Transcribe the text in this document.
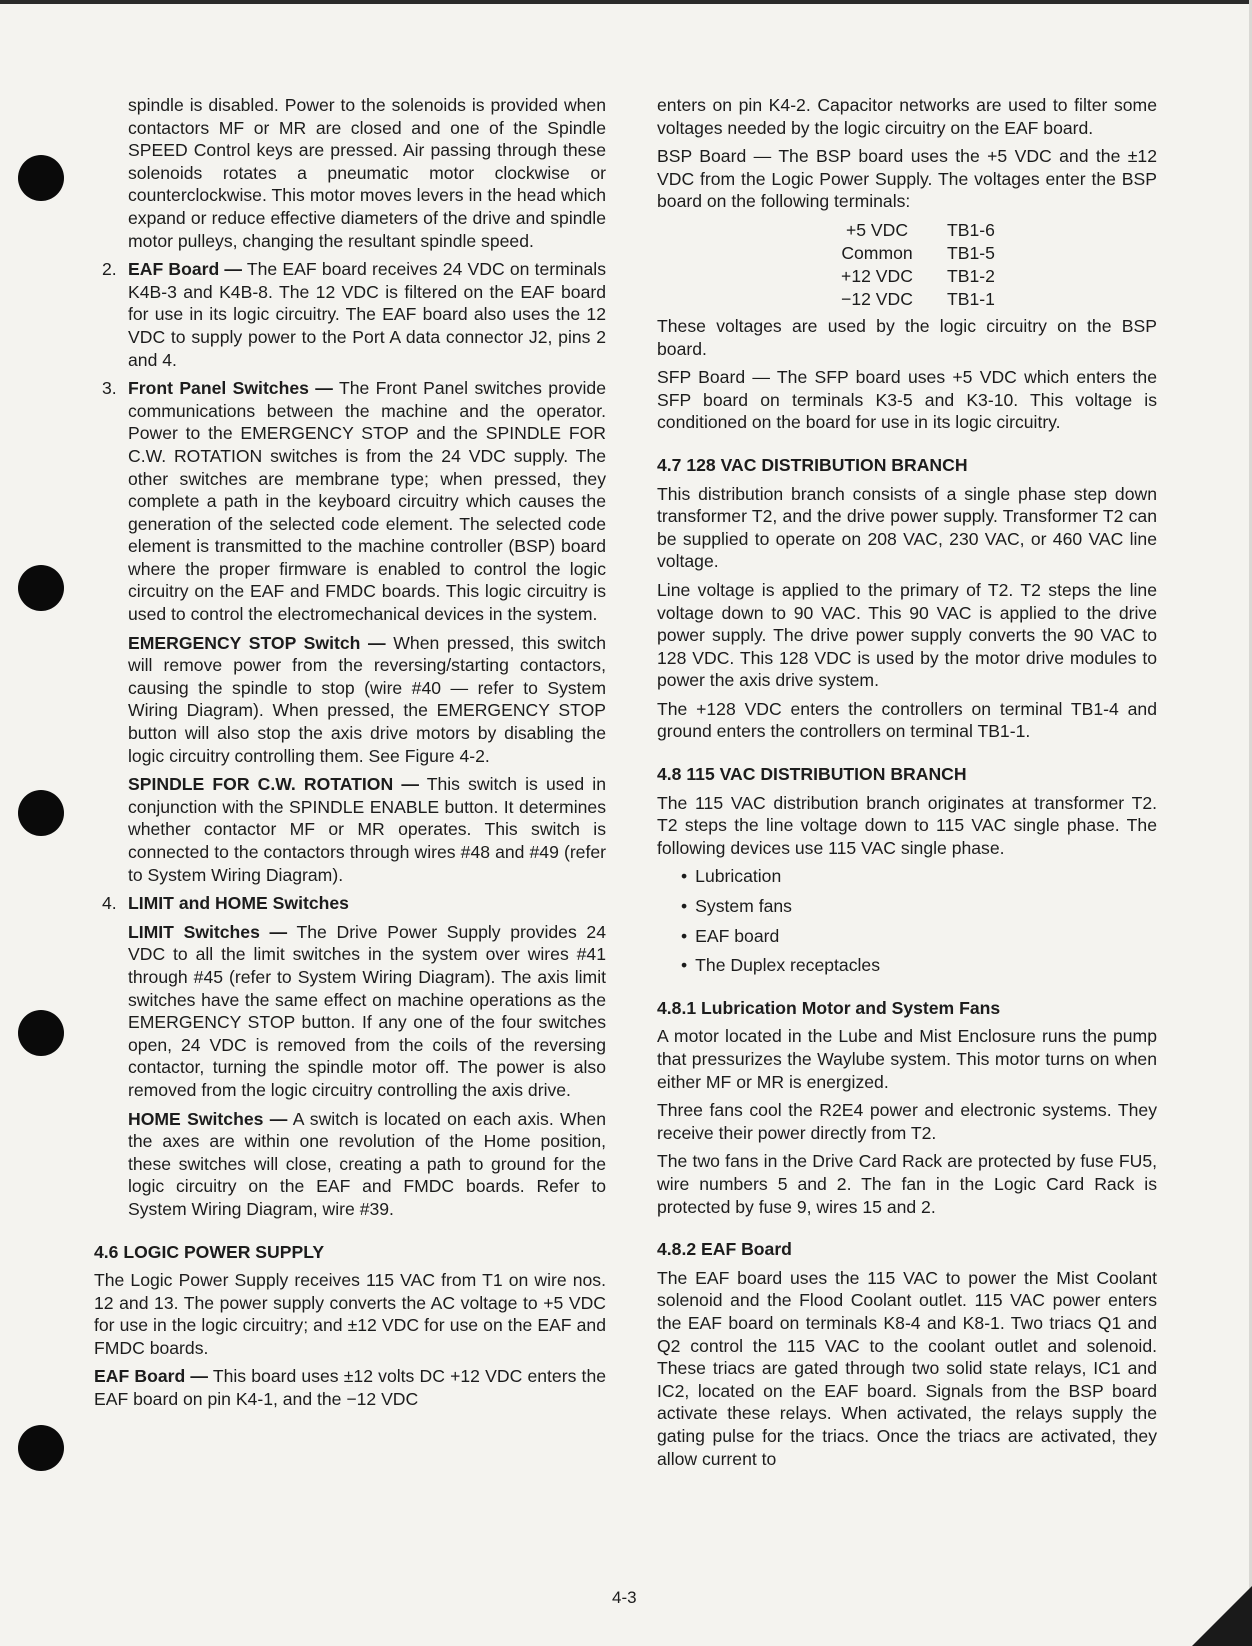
spindle is disabled. Power to the solenoids is provided when contactors MF or MR are closed and one of the Spindle SPEED Control keys are pressed. Air passing through these solenoids rotates a pneumatic motor clockwise or counterclockwise. This motor moves levers in the head which expand or reduce effective diameters of the drive and spindle motor pulleys, changing the resultant spindle speed.

2. EAF Board — The EAF board receives 24 VDC on terminals K4B-3 and K4B-8. The 12 VDC is filtered on the EAF board for use in its logic circuitry. The EAF board also uses the 12 VDC to supply power to the Port A data connector J2, pins 2 and 4.

3. Front Panel Switches — The Front Panel switches provide communications between the machine and the operator. Power to the EMERGENCY STOP and the SPINDLE FOR C.W. ROTATION switches is from the 24 VDC supply. The other switches are membrane type; when pressed, they complete a path in the keyboard circuitry which causes the generation of the selected code element. The selected code element is transmitted to the machine controller (BSP) board where the proper firmware is enabled to control the logic circuitry on the EAF and FMDC boards. This logic circuitry is used to control the electromechanical devices in the system.

EMERGENCY STOP Switch — When pressed, this switch will remove power from the reversing/starting contactors, causing the spindle to stop (wire #40 — refer to System Wiring Diagram). When pressed, the EMERGENCY STOP button will also stop the axis drive motors by disabling the logic circuitry controlling them. See Figure 4-2.

SPINDLE FOR C.W. ROTATION — This switch is used in conjunction with the SPINDLE ENABLE button. It determines whether contactor MF or MR operates. This switch is connected to the contactors through wires #48 and #49 (refer to System Wiring Diagram).

4. LIMIT and HOME Switches

LIMIT Switches — The Drive Power Supply provides 24 VDC to all the limit switches in the system over wires #41 through #45 (refer to System Wiring Diagram). The axis limit switches have the same effect on machine operations as the EMERGENCY STOP button. If any one of the four switches open, 24 VDC is removed from the coils of the reversing contactor, turning the spindle motor off. The power is also removed from the logic circuitry controlling the axis drive.

HOME Switches — A switch is located on each axis. When the axes are within one revolution of the Home position, these switches will close, creating a path to ground for the logic circuitry on the EAF and FMDC boards. Refer to System Wiring Diagram, wire #39.

4.6 LOGIC POWER SUPPLY

The Logic Power Supply receives 115 VAC from T1 on wire nos. 12 and 13. The power supply converts the AC voltage to +5 VDC for use in the logic circuitry; and ±12 VDC for use on the EAF and FMDC boards.

EAF Board — This board uses ±12 volts DC +12 VDC enters the EAF board on pin K4-1, and the −12 VDC

enters on pin K4-2. Capacitor networks are used to filter some voltages needed by the logic circuitry on the EAF board.

BSP Board — The BSP board uses the +5 VDC and the ±12 VDC from the Logic Power Supply. The voltages enter the BSP board on the following terminals:

+5 VDC	TB1-6
Common	TB1-5
+12 VDC	TB1-2
−12 VDC	TB1-1

These voltages are used by the logic circuitry on the BSP board.

SFP Board — The SFP board uses +5 VDC which enters the SFP board on terminals K3-5 and K3-10. This voltage is conditioned on the board for use in its logic circuitry.

4.7 128 VAC DISTRIBUTION BRANCH

This distribution branch consists of a single phase step down transformer T2, and the drive power supply. Transformer T2 can be supplied to operate on 208 VAC, 230 VAC, or 460 VAC line voltage.

Line voltage is applied to the primary of T2. T2 steps the line voltage down to 90 VAC. This 90 VAC is applied to the drive power supply. The drive power supply converts the 90 VAC to 128 VDC. This 128 VDC is used by the motor drive modules to power the axis drive system.

The +128 VDC enters the controllers on terminal TB1-4 and ground enters the controllers on terminal TB1-1.

4.8 115 VAC DISTRIBUTION BRANCH

The 115 VAC distribution branch originates at transformer T2. T2 steps the line voltage down to 115 VAC single phase. The following devices use 115 VAC single phase.

• Lubrication
• System fans
• EAF board
• The Duplex receptacles
4.8.1 Lubrication Motor and System Fans

A motor located in the Lube and Mist Enclosure runs the pump that pressurizes the Waylube system. This motor turns on when either MF or MR is energized.

Three fans cool the R2E4 power and electronic systems. They receive their power directly from T2.

The two fans in the Drive Card Rack are protected by fuse FU5, wire numbers 5 and 2. The fan in the Logic Card Rack is protected by fuse 9, wires 15 and 2.

4.8.2 EAF Board

The EAF board uses the 115 VAC to power the Mist Coolant solenoid and the Flood Coolant outlet. 115 VAC power enters the EAF board on terminals K8-4 and K8-1. Two triacs Q1 and Q2 control the 115 VAC to the coolant outlet and solenoid. These triacs are gated through two solid state relays, IC1 and IC2, located on the EAF board. Signals from the BSP board activate these relays. When activated, the relays supply the gating pulse for the triacs. Once the triacs are activated, they allow current to

4-3
